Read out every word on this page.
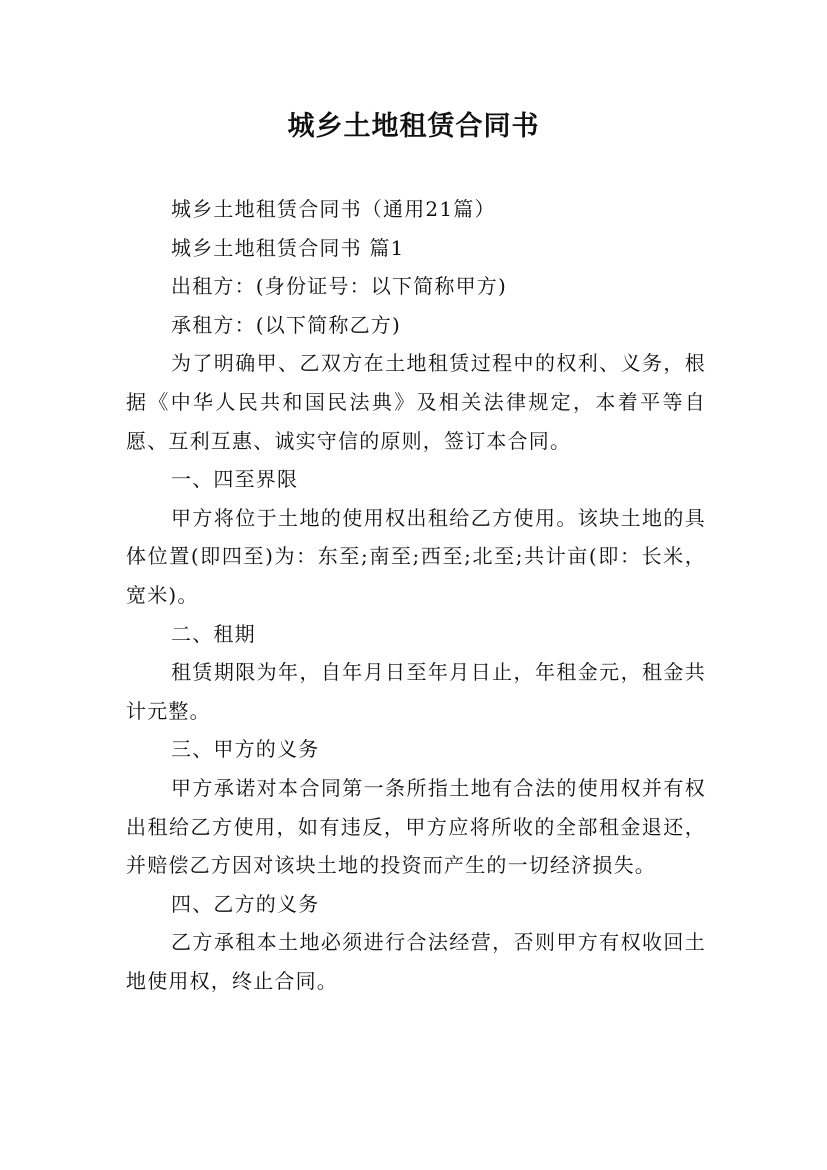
城乡土地租赁合同书

城乡土地租赁合同书（通用21篇）

城乡土地租赁合同书 篇1

出租方：(身份证号：以下简称甲方)

承租方：(以下简称乙方)

为了明确甲、乙双方在土地租赁过程中的权利、义务，根据《中华人民共和国民法典》及相关法律规定，本着平等自愿、互利互惠、诚实守信的原则，签订本合同。

一、四至界限

甲方将位于土地的使用权出租给乙方使用。该块土地的具体位置(即四至)为：东至;南至;西至;北至;共计亩(即：长米，宽米)。

二、租期

租赁期限为年，自年月日至年月日止，年租金元，租金共计元整。

三、甲方的义务

甲方承诺对本合同第一条所指土地有合法的使用权并有权出租给乙方使用，如有违反，甲方应将所收的全部租金退还，并赔偿乙方因对该块土地的投资而产生的一切经济损失。

四、乙方的义务

乙方承租本土地必须进行合法经营，否则甲方有权收回土地使用权，终止合同。
